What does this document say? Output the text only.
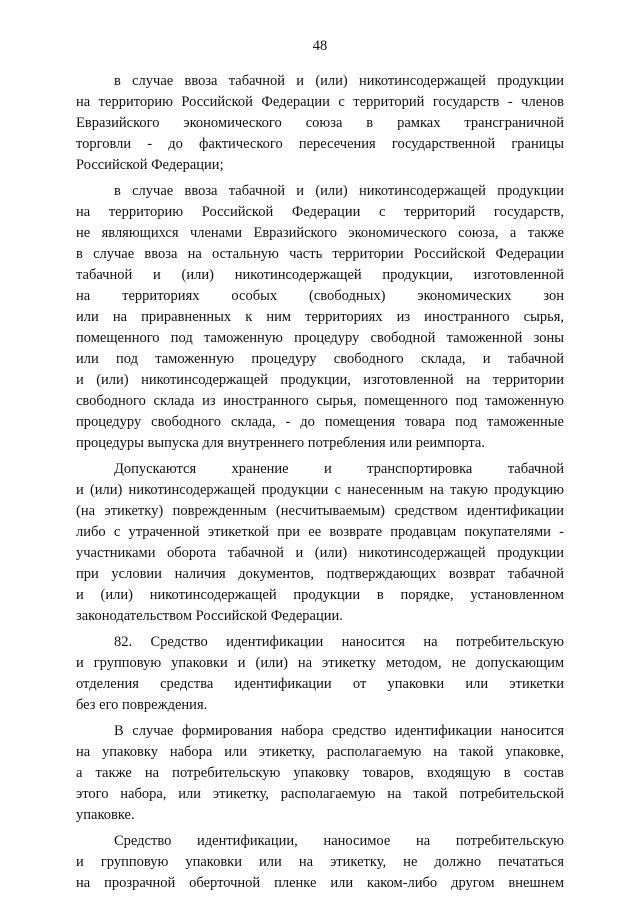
48
в случае ввоза табачной и (или) никотинсодержащей продукции
на территорию Российской Федерации с территорий государств - членов
Евразийского экономического союза в рамках трансграничной
торговли - до фактического пересечения государственной границы
Российской Федерации;
в случае ввоза табачной и (или) никотинсодержащей продукции
на территорию Российской Федерации с территорий государств,
не являющихся членами Евразийского экономического союза, а также
в случае ввоза на остальную часть территории Российской Федерации
табачной и (или) никотинсодержащей продукции, изготовленной
на территориях особых (свободных) экономических зон
или на приравненных к ним территориях из иностранного сырья,
помещенного под таможенную процедуру свободной таможенной зоны
или под таможенную процедуру свободного склада, и табачной
и (или) никотинсодержащей продукции, изготовленной на территории
свободного склада из иностранного сырья, помещенного под таможенную
процедуру свободного склада, - до помещения товара под таможенные
процедуры выпуска для внутреннего потребления или реимпорта.
Допускаются хранение и транспортировка табачной
и (или) никотинсодержащей продукции с нанесенным на такую продукцию
(на этикетку) поврежденным (несчитываемым) средством идентификации
либо с утраченной этикеткой при ее возврате продавцам покупателями -
участниками оборота табачной и (или) никотинсодержащей продукции
при условии наличия документов, подтверждающих возврат табачной
и (или) никотинсодержащей продукции в порядке, установленном
законодательством Российской Федерации.
82. Средство идентификации наносится на потребительскую
и групповую упаковки и (или) на этикетку методом, не допускающим
отделения средства идентификации от упаковки или этикетки
без его повреждения.
В случае формирования набора средство идентификации наносится
на упаковку набора или этикетку, располагаемую на такой упаковке,
а также на потребительскую упаковку товаров, входящую в состав
этого набора, или этикетку, располагаемую на такой потребительской
упаковке.
Средство идентификации, наносимое на потребительскую
и групповую упаковки или на этикетку, не должно печататься
на прозрачной оберточной пленке или каком-либо другом внешнем
